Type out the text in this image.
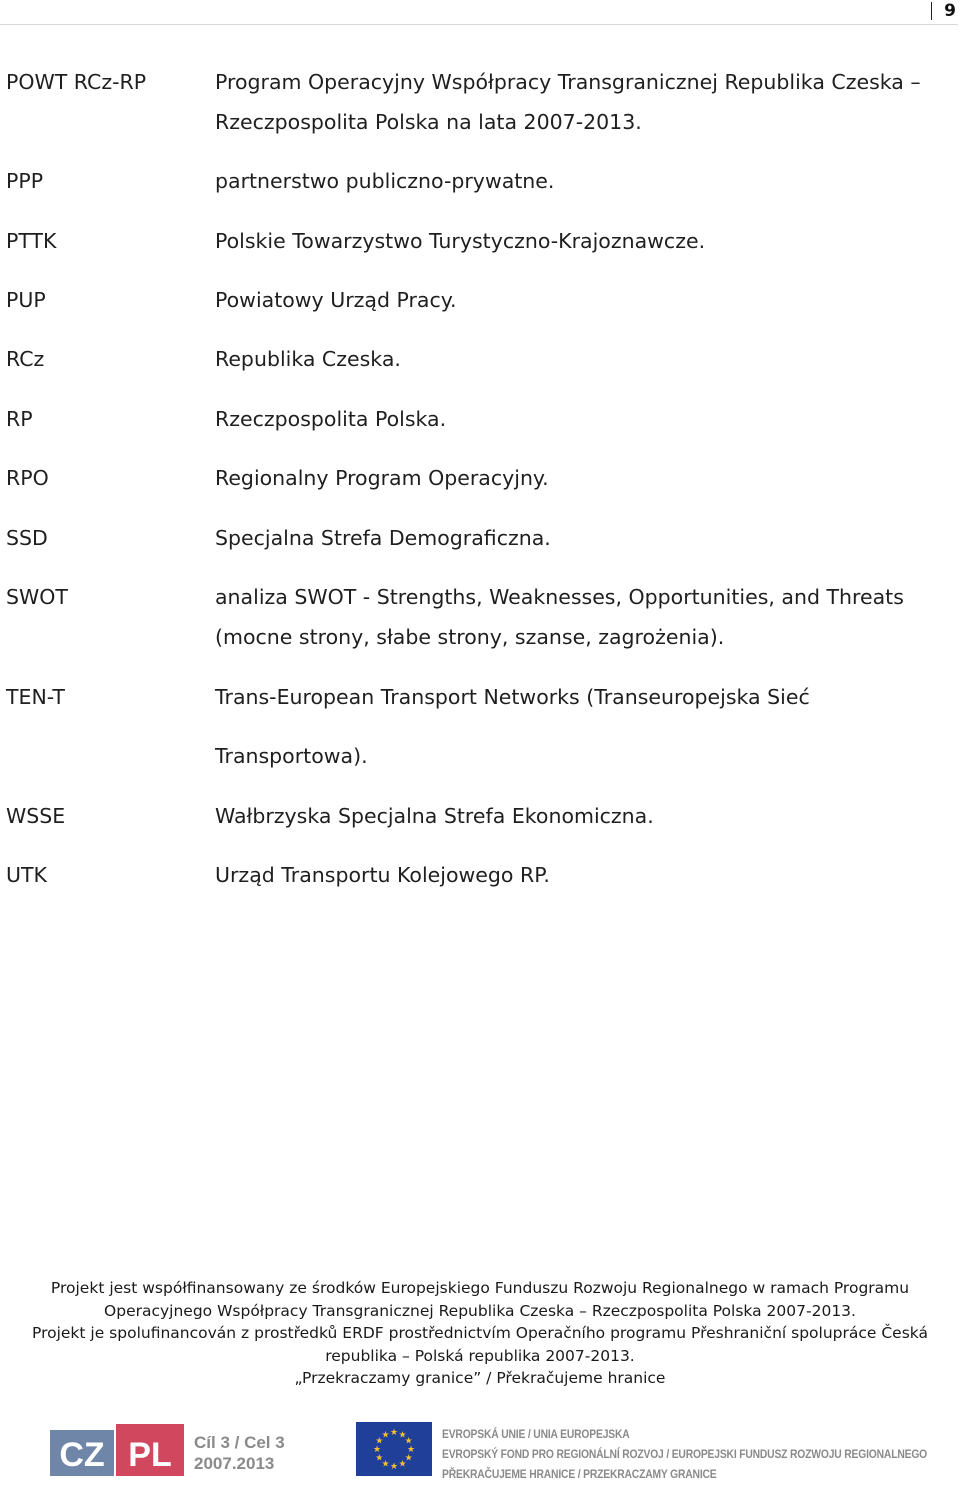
9
POWT RCz-RP	Program Operacyjny Współpracy Transgranicznej Republika Czeska – Rzeczpospolita Polska na lata 2007-2013.
PPP	partnerstwo publiczno-prywatne.
PTTK	Polskie Towarzystwo Turystyczno-Krajoznawcze.
PUP	Powiatowy Urząd Pracy.
RCz	Republika Czeska.
RP	Rzeczpospolita Polska.
RPO	Regionalny Program Operacyjny.
SSD	Specjalna Strefa Demograficzna.
SWOT	analiza SWOT - Strengths, Weaknesses, Opportunities, and Threats (mocne strony, słabe strony, szanse, zagrożenia).
TEN-T	Trans-European Transport Networks (Transeuropejska Sieć
Transportowa).
WSSE	Wałbrzyska Specjalna Strefa Ekonomiczna.
UTK	Urząd Transportu Kolejowego RP.
Projekt jest współfinansowany ze środków Europejskiego Funduszu Rozwoju Regionalnego w ramach Programu
Operacyjnego Współpracy Transgranicznej Republika Czeska – Rzeczpospolita Polska 2007-2013.
Projekt je spolufinancován z prostředků ERDF prostřednictvím Operačního programu Přeshraniční spolupráce Česká
republika – Polská republika 2007-2013.
„Przekraczamy granice” / Překračujeme hranice
CZ PL Cíl 3 / Cel 3
2007.2013
★
★
★
★
★
★
★
★
★ ★ ★
★
EVROPSKÁ UNIE / UNIA EUROPEJSKA
EVROPSKÝ FOND PRO REGIONÁLNÍ ROZVOJ / EUROPEJSKI FUNDUSZ ROZWOJU REGIONALNEGO
PŘEKRAČUJEME HRANICE / PRZEKRACZAMY GRANICE
